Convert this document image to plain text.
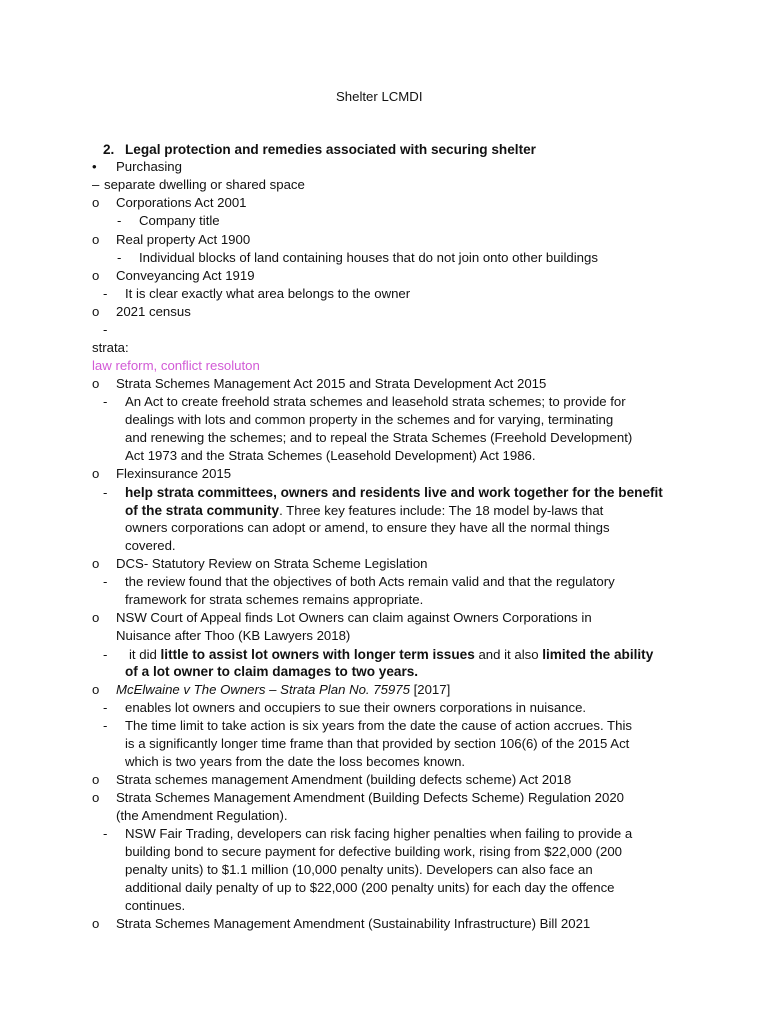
Shelter LCMDI
2. Legal protection and remedies associated with securing shelter
• Purchasing
– separate dwelling or shared space
o Corporations Act 2001
- Company title
o Real property Act 1900
- Individual blocks of land containing houses that do not join onto other buildings
o Conveyancing Act 1919
- It is clear exactly what area belongs to the owner
o 2021 census
-
strata:
law reform, conflict resoluton
o Strata Schemes Management Act 2015 and Strata Development Act 2015
- An Act to create freehold strata schemes and leasehold strata schemes; to provide for
dealings with lots and common property in the schemes and for varying, terminating
and renewing the schemes; and to repeal the Strata Schemes (Freehold Development)
Act 1973 and the Strata Schemes (Leasehold Development) Act 1986.
o Flexinsurance 2015
- help strata committees, owners and residents live and work together for the benefit
of the strata community. Three key features include: The 18 model by-laws that
owners corporations can adopt or amend, to ensure they have all the normal things
covered.
o DCS- Statutory Review on Strata Scheme Legislation
- the review found that the objectives of both Acts remain valid and that the regulatory
framework for strata schemes remains appropriate.
o NSW Court of Appeal finds Lot Owners can claim against Owners Corporations in
Nuisance after Thoo (KB Lawyers 2018)
- it did little to assist lot owners with longer term issues and it also limited the ability
of a lot owner to claim damages to two years.
o McElwaine v The Owners – Strata Plan No. 75975 [2017]
- enables lot owners and occupiers to sue their owners corporations in nuisance.
- The time limit to take action is six years from the date the cause of action accrues. This
is a significantly longer time frame than that provided by section 106(6) of the 2015 Act
which is two years from the date the loss becomes known.
o Strata schemes management Amendment (building defects scheme) Act 2018
o Strata Schemes Management Amendment (Building Defects Scheme) Regulation 2020
(the Amendment Regulation).
- NSW Fair Trading, developers can risk facing higher penalties when failing to provide a
building bond to secure payment for defective building work, rising from $22,000 (200
penalty units) to $1.1 million (10,000 penalty units). Developers can also face an
additional daily penalty of up to $22,000 (200 penalty units) for each day the offence
continues.
o Strata Schemes Management Amendment (Sustainability Infrastructure) Bill 2021
